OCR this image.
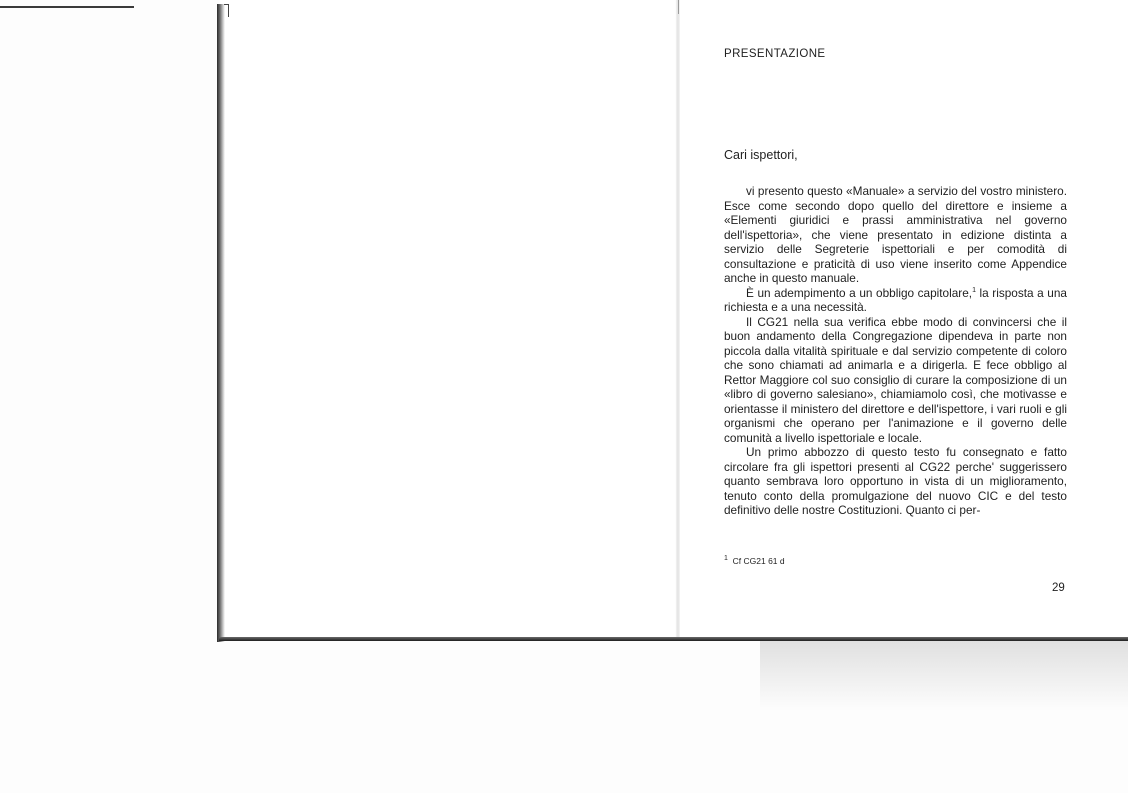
PRESENTAZIONE

Cari ispettori,

vi presento questo «Manuale» a servizio del vostro ministero. Esce come secondo dopo quello del direttore e insieme a «Elementi giuridici e prassi amministrativa nel governo dell'ispettoria», che viene presentato in edizione distinta a servizio delle Segreterie ispettoriali e per comodità di consultazione e praticità di uso viene inserito come Appendice anche in questo manuale.

È un adempimento a un obbligo capitolare,$^1$ la risposta a una richiesta e a una necessità.

Il CG21 nella sua verifica ebbe modo di convincersi che il buon andamento della Congregazione dipendeva in parte non piccola dalla vitalità spirituale e dal servizio competente di coloro che sono chiamati ad animarla e a dirigerla. E fece obbligo al Rettor Maggiore col suo consiglio di curare la composizione di un «libro di governo salesiano», chiamiamolo così, che motivasse e orientasse il ministero del direttore e dell'ispettore, i vari ruoli e gli organismi che operano per l'animazione e il governo delle comunità a livello ispettoriale e locale.

Un primo abbozzo di questo testo fu consegnato e fatto circolare fra gli ispettori presenti al CG22 perche' suggerissero quanto sembrava loro opportuno in vista di un miglioramento, tenuto conto della promulgazione del nuovo CIC e del testo definitivo delle nostre Costituzioni. Quanto ci per-

$^1$ Cf CG21 61 d

29
